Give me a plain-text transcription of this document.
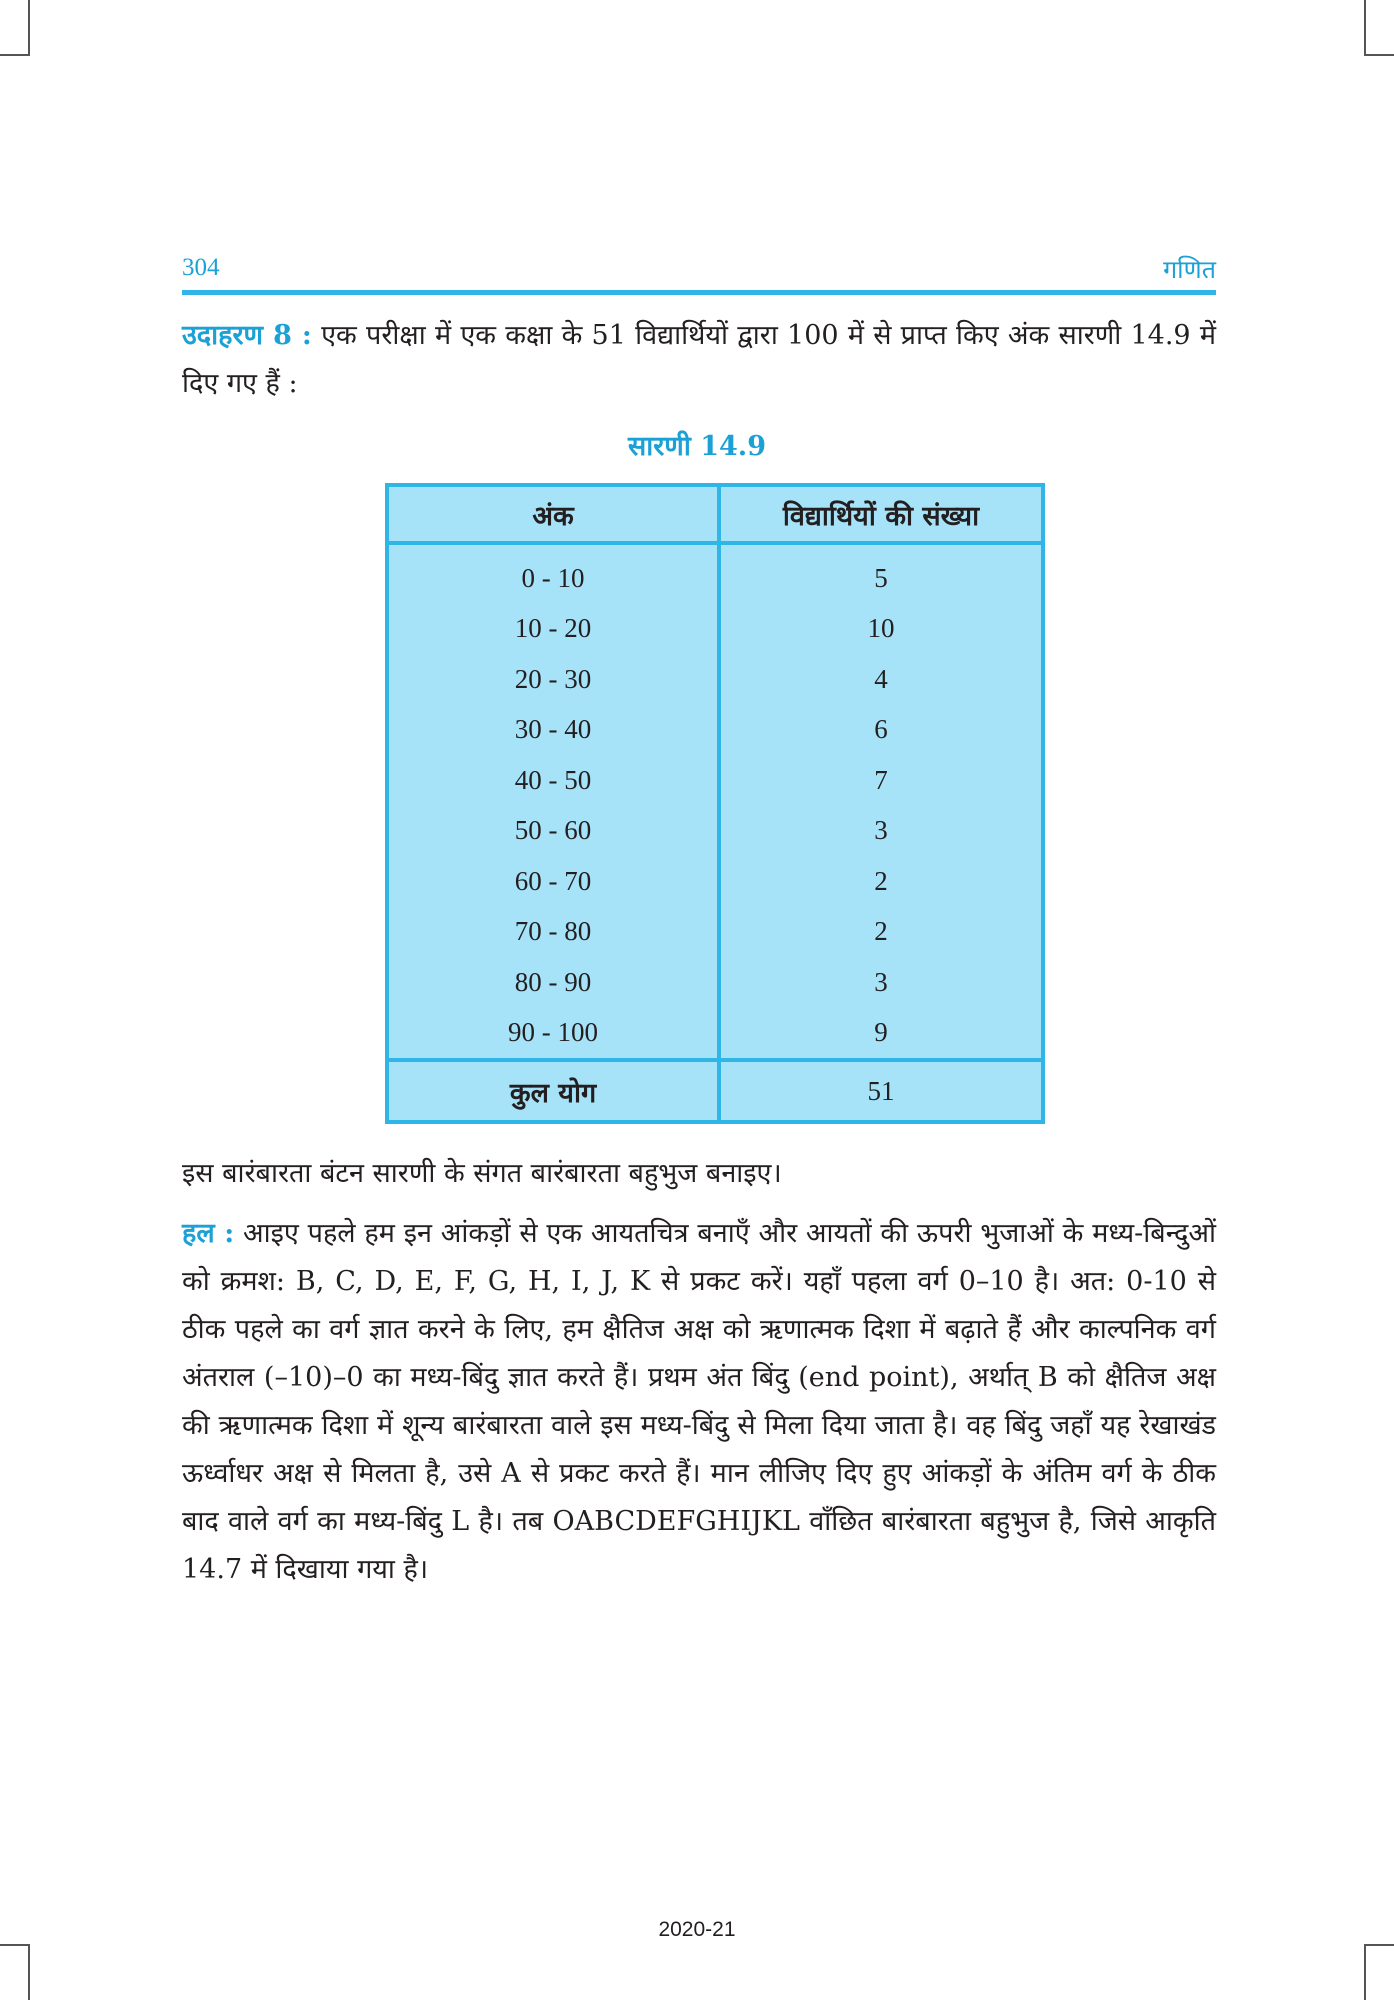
304	गणित
उदाहरण 8 : एक परीक्षा में एक कक्षा के 51 विद्यार्थियों द्वारा 100 में से प्राप्त किए अंक सारणी 14.9 में दिए गए हैं :
सारणी 14.9
अंक	विद्यार्थियों की संख्या
0 - 10	5
10 - 20	10
20 - 30	4
30 - 40	6
40 - 50	7
50 - 60	3
60 - 70	2
70 - 80	2
80 - 90	3
90 - 100	9
कुल योग	51
इस बारंबारता बंटन सारणी के संगत बारंबारता बहुभुज बनाइए।
हल : आइए पहले हम इन आंकड़ों से एक आयतचित्र बनाएँ और आयतों की ऊपरी भुजाओं के मध्य-बिन्दुओं को क्रमश: B, C, D, E, F, G, H, I, J, K से प्रकट करें। यहाँ पहला वर्ग 0–10 है। अत: 0-10 से ठीक पहले का वर्ग ज्ञात करने के लिए, हम क्षैतिज अक्ष को ऋणात्मक दिशा में बढ़ाते हैं और काल्पनिक वर्ग अंतराल (–10)–0 का मध्य-बिंदु ज्ञात करते हैं। प्रथम अंत बिंदु (end point), अर्थात् B को क्षैतिज अक्ष की ऋणात्मक दिशा में शून्य बारंबारता वाले इस मध्य-बिंदु से मिला दिया जाता है। वह बिंदु जहाँ यह रेखाखंड ऊर्ध्वाधर अक्ष से मिलता है, उसे A से प्रकट करते हैं। मान लीजिए दिए हुए आंकड़ों के अंतिम वर्ग के ठीक बाद वाले वर्ग का मध्य-बिंदु L है। तब OABCDEFGHIJKL वाँछित बारंबारता बहुभुज है, जिसे आकृति 14.7 में दिखाया गया है।
2020-21
